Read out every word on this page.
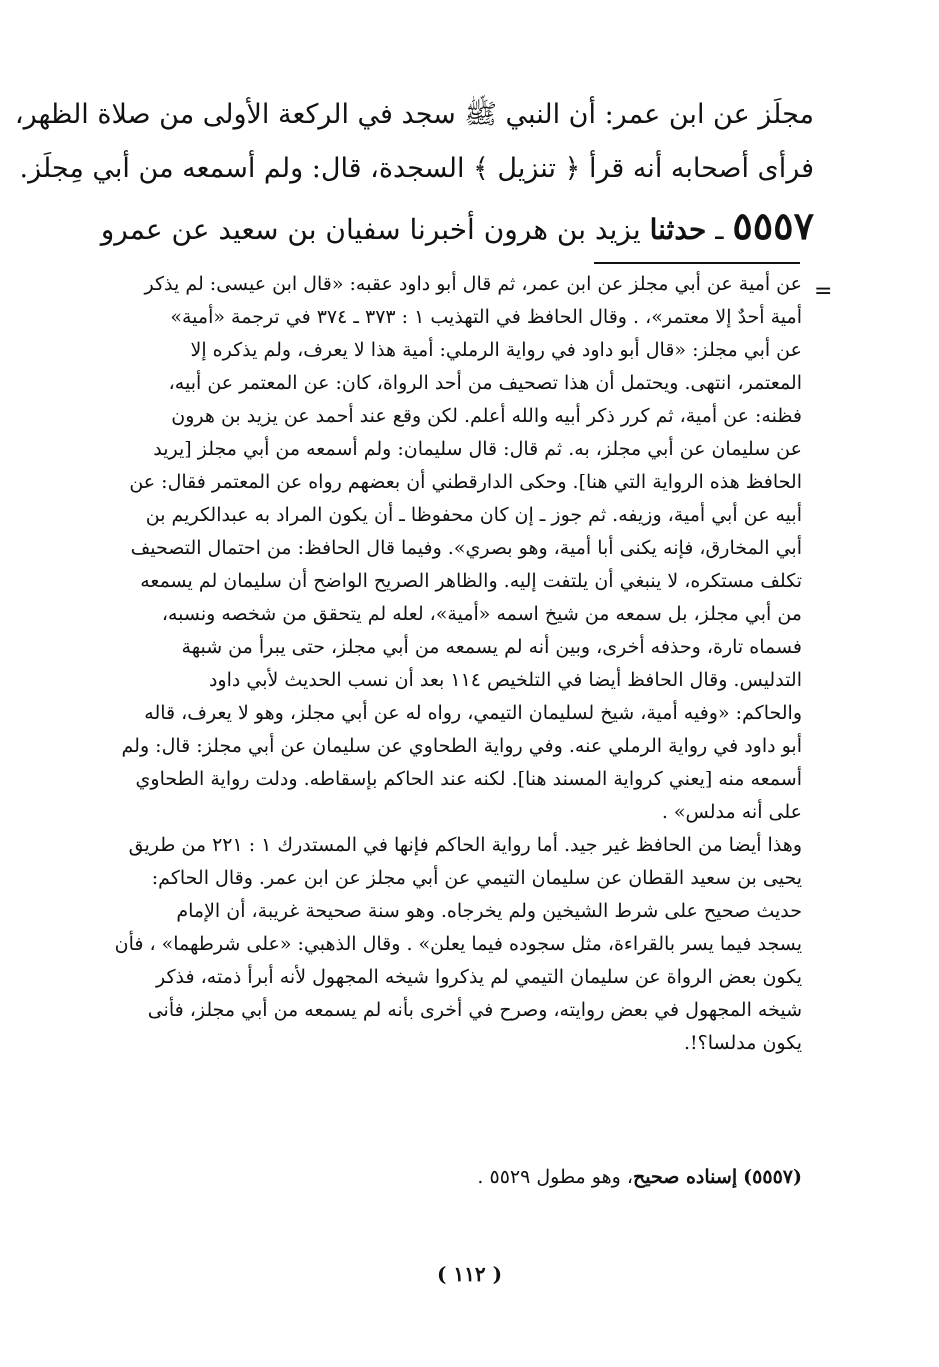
مجلَز عن ابن عمر: أن النبي ﷺ سجد في الركعة الأولى من صلاة الظهر،
فرأى أصحابه أنه قرأ ﴿ تنزيل ﴾ السجدة، قال: ولم أسمعه من أبي مِجلَز.
٥٥٥٧ ـ حدثنا يزيد بن هرون أخبرنا سفيان بن سعيد عن عمرو
=
عن أمية عن أبي مجلز عن ابن عمر، ثم قال أبو داود عقبه: «قال ابن عيسى: لم يذكر
أمية أحدٌ إلا معتمر»، . وقال الحافظ في التهذيب ١ : ٣٧٣ ـ ٣٧٤ في ترجمة «أمية»
عن أبي مجلز: «قال أبو داود في رواية الرملي: أمية هذا لا يعرف، ولم يذكره إلا
المعتمر، انتهى. ويحتمل أن هذا تصحيف من أحد الرواة، كان: عن المعتمر عن أبيه،
فظنه: عن أمية، ثم كرر ذكر أبيه والله أعلم. لكن وقع عند أحمد عن يزيد بن هرون
عن سليمان عن أبي مجلز، به. ثم قال: قال سليمان: ولم أسمعه من أبي مجلز [يريد
الحافظ هذه الرواية التي هنا]. وحكى الدارقطني أن بعضهم رواه عن المعتمر فقال: عن
أبيه عن أبي أمية، وزيفه. ثم جوز ـ إن كان محفوظا ـ أن يكون المراد به عبدالكريم بن
أبي المخارق، فإنه يكنى أبا أمية، وهو بصري». وفيما قال الحافظ: من احتمال التصحيف
تكلف مستكره، لا ينبغي أن يلتفت إليه. والظاهر الصريح الواضح أن سليمان لم يسمعه
من أبي مجلز، بل سمعه من شيخ اسمه «أمية»، لعله لم يتحقق من شخصه ونسبه،
فسماه تارة، وحذفه أخرى، وبين أنه لم يسمعه من أبي مجلز، حتى يبرأ من شبهة
التدليس. وقال الحافظ أيضا في التلخيص ١١٤ بعد أن نسب الحديث لأبي داود
والحاكم: «وفيه أمية، شيخ لسليمان التيمي، رواه له عن أبي مجلز، وهو لا يعرف، قاله
أبو داود في رواية الرملي عنه. وفي رواية الطحاوي عن سليمان عن أبي مجلز: قال: ولم
أسمعه منه [يعني كرواية المسند هنا]. لكنه عند الحاكم بإسقاطه. ودلت رواية الطحاوي
على أنه مدلس» .
وهذا أيضا من الحافظ غير جيد. أما رواية الحاكم فإنها في المستدرك ١ : ٢٢١ من طريق
يحيى بن سعيد القطان عن سليمان التيمي عن أبي مجلز عن ابن عمر. وقال الحاكم:
حديث صحيح على شرط الشيخين ولم يخرجاه. وهو سنة صحيحة غريبة، أن الإمام
يسجد فيما يسر بالقراءة، مثل سجوده فيما يعلن» . وقال الذهبي: «على شرطهما» ، فأن
يكون بعض الرواة عن سليمان التيمي لم يذكروا شيخه المجهول لأنه أبرأ ذمته، فذكر
شيخه المجهول في بعض روايته، وصرح في أخرى بأنه لم يسمعه من أبي مجلز، فأنى
يكون مدلسا؟!.
(٥٥٥٧) إسناده صحيح، وهو مطول ٥٥٢٩ .
( ١١٢ )
